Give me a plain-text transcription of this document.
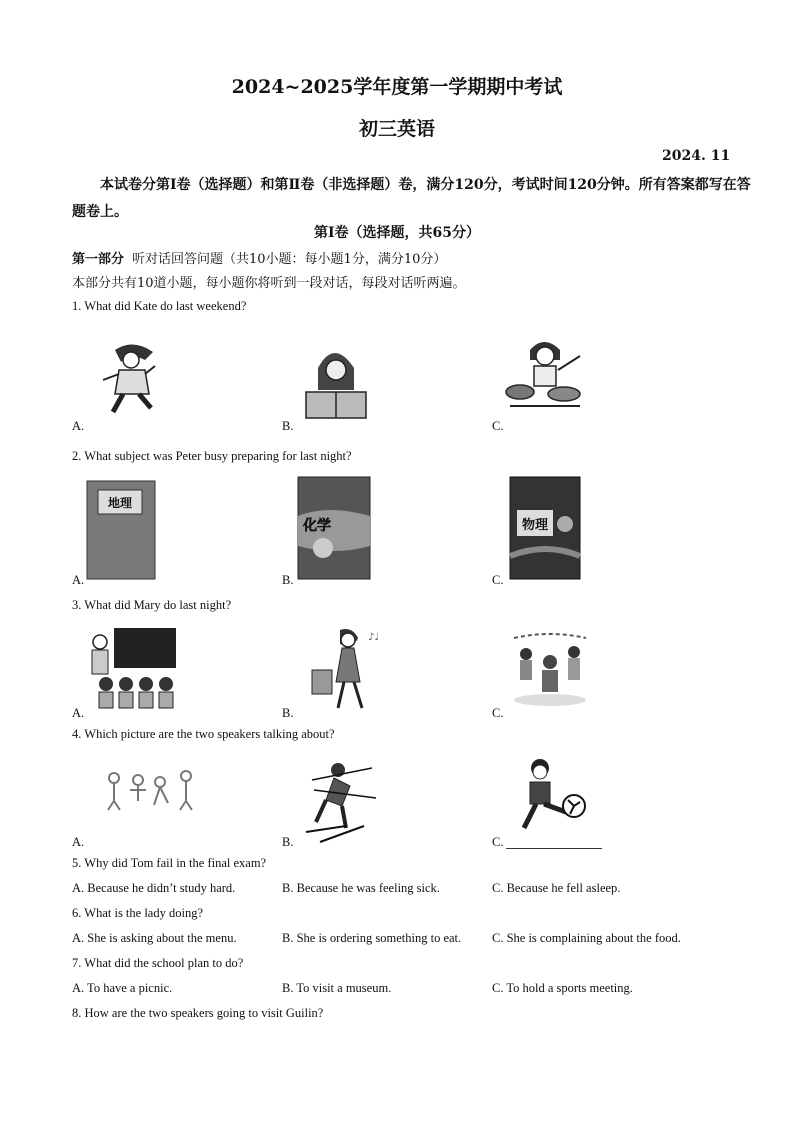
2024~2025学年度第一学期期中考试
初三英语
2024. 11
本试卷分第Ⅰ卷（选择题）和第Ⅱ卷（非选择题）卷，满分120分，考试时间120分钟。所有答案都写在答题卷上。
第Ⅰ卷（选择题，共65分）
第一部分 听对话回答问题（共10小题：每小题1分，满分10分）
本部分共有10道小题，每小题你将听到一段对话，每段对话听两遍。
1. What did Kate do last weekend?
A.	B.	C.
2. What subject was Peter busy preparing for last night?
地理
化学	物理
A.	B.	C.
3. What did Mary do last night?
♪♩
A.	B.	C.
4. Which picture are the two speakers talking about?
A.	B.	C.
5. Why did Tom fail in the final exam?
A. Because he didn’t study hard.	B. Because he was feeling sick.	C. Because he fell asleep.
6. What is the lady doing?
A. She is asking about the menu.	B. She is ordering something to eat. C. She is complaining about the food.
7. What did the school plan to do?
A. To have a picnic.	B. To visit a museum.	C. To hold a sports meeting.
8. How are the two speakers going to visit Guilin?
